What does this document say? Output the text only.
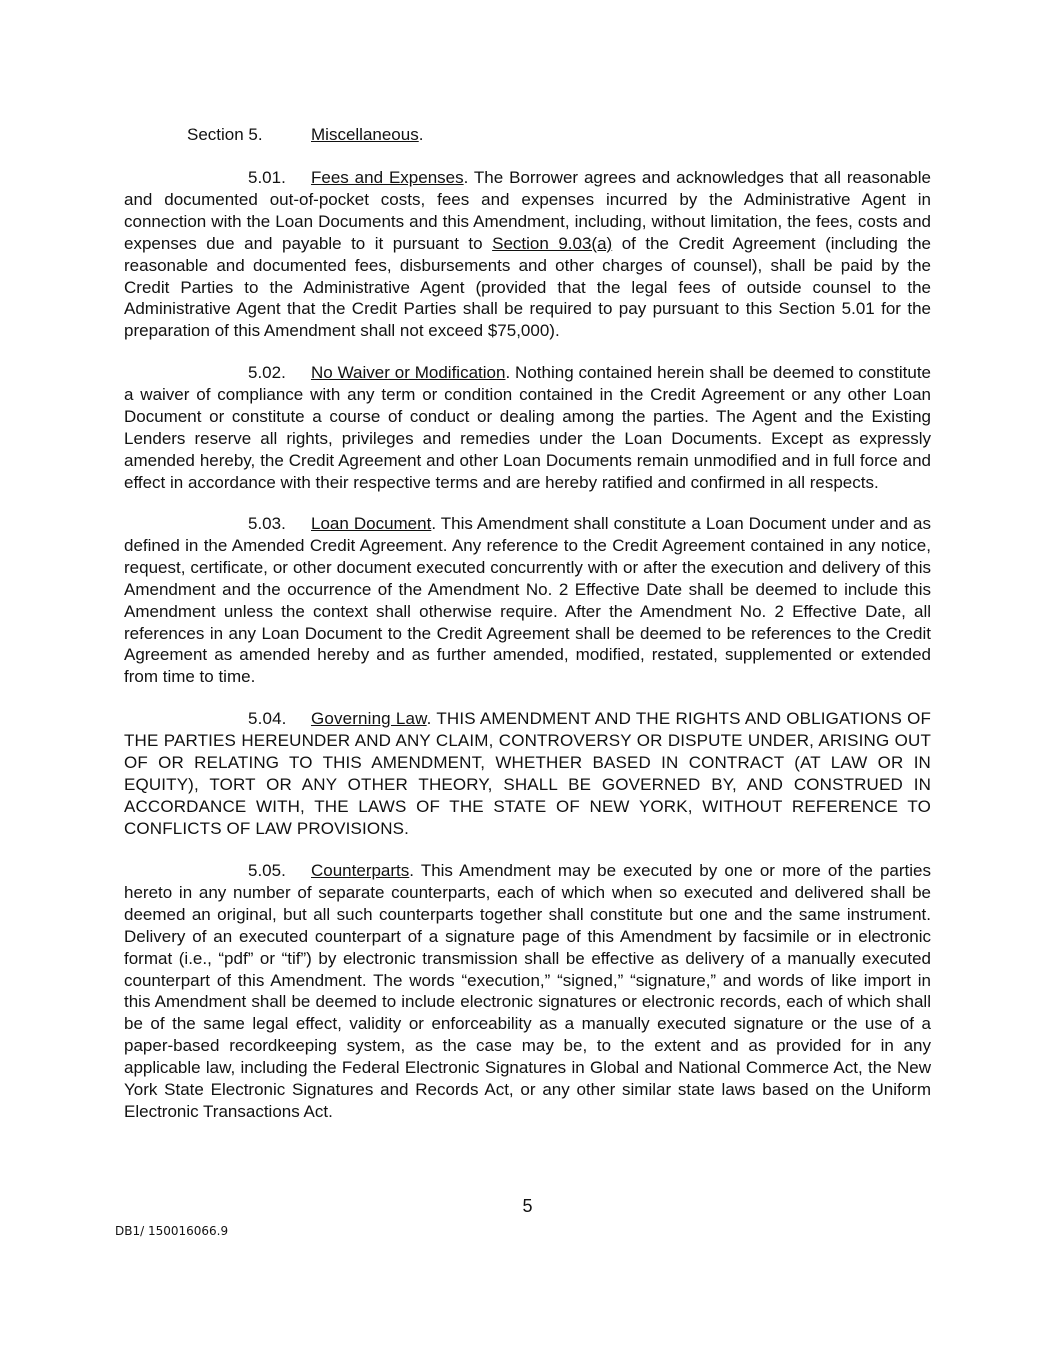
Section 5.	Miscellaneous.

5.01. Fees and Expenses. The Borrower agrees and acknowledges that all reasonable and documented out-of-pocket costs, fees and expenses incurred by the Administrative Agent in connection with the Loan Documents and this Amendment, including, without limitation, the fees, costs and expenses due and payable to it pursuant to Section 9.03(a) of the Credit Agreement (including the reasonable and documented fees, disbursements and other charges of counsel), shall be paid by the Credit Parties to the Administrative Agent (provided that the legal fees of outside counsel to the Administrative Agent that the Credit Parties shall be required to pay pursuant to this Section 5.01 for the preparation of this Amendment shall not exceed $75,000).

5.02. No Waiver or Modification. Nothing contained herein shall be deemed to constitute a waiver of compliance with any term or condition contained in the Credit Agreement or any other Loan Document or constitute a course of conduct or dealing among the parties. The Agent and the Existing Lenders reserve all rights, privileges and remedies under the Loan Documents. Except as expressly amended hereby, the Credit Agreement and other Loan Documents remain unmodified and in full force and effect in accordance with their respective terms and are hereby ratified and confirmed in all respects.

5.03. Loan Document. This Amendment shall constitute a Loan Document under and as defined in the Amended Credit Agreement. Any reference to the Credit Agreement contained in any notice, request, certificate, or other document executed concurrently with or after the execution and delivery of this Amendment and the occurrence of the Amendment No. 2 Effective Date shall be deemed to include this Amendment unless the context shall otherwise require. After the Amendment No. 2 Effective Date, all references in any Loan Document to the Credit Agreement shall be deemed to be references to the Credit Agreement as amended hereby and as further amended, modified, restated, supplemented or extended from time to time.

5.04. Governing Law. THIS AMENDMENT AND THE RIGHTS AND OBLIGATIONS OF THE PARTIES HEREUNDER AND ANY CLAIM, CONTROVERSY OR DISPUTE UNDER, ARISING OUT OF OR RELATING TO THIS AMENDMENT, WHETHER BASED IN CONTRACT (AT LAW OR IN EQUITY), TORT OR ANY OTHER THEORY, SHALL BE GOVERNED BY, AND CONSTRUED IN ACCORDANCE WITH, THE LAWS OF THE STATE OF NEW YORK, WITHOUT REFERENCE TO CONFLICTS OF LAW PROVISIONS.

5.05. Counterparts. This Amendment may be executed by one or more of the parties hereto in any number of separate counterparts, each of which when so executed and delivered shall be deemed an original, but all such counterparts together shall constitute but one and the same instrument. Delivery of an executed counterpart of a signature page of this Amendment by facsimile or in electronic format (i.e., “pdf” or “tif”) by electronic transmission shall be effective as delivery of a manually executed counterpart of this Amendment. The words “execution,” “signed,” “signature,” and words of like import in this Amendment shall be deemed to include electronic signatures or electronic records, each of which shall be of the same legal effect, validity or enforceability as a manually executed signature or the use of a paper-based recordkeeping system, as the case may be, to the extent and as provided for in any applicable law, including the Federal Electronic Signatures in Global and National Commerce Act, the New York State Electronic Signatures and Records Act, or any other similar state laws based on the Uniform Electronic Transactions Act.

5
DB1/ 150016066.9
